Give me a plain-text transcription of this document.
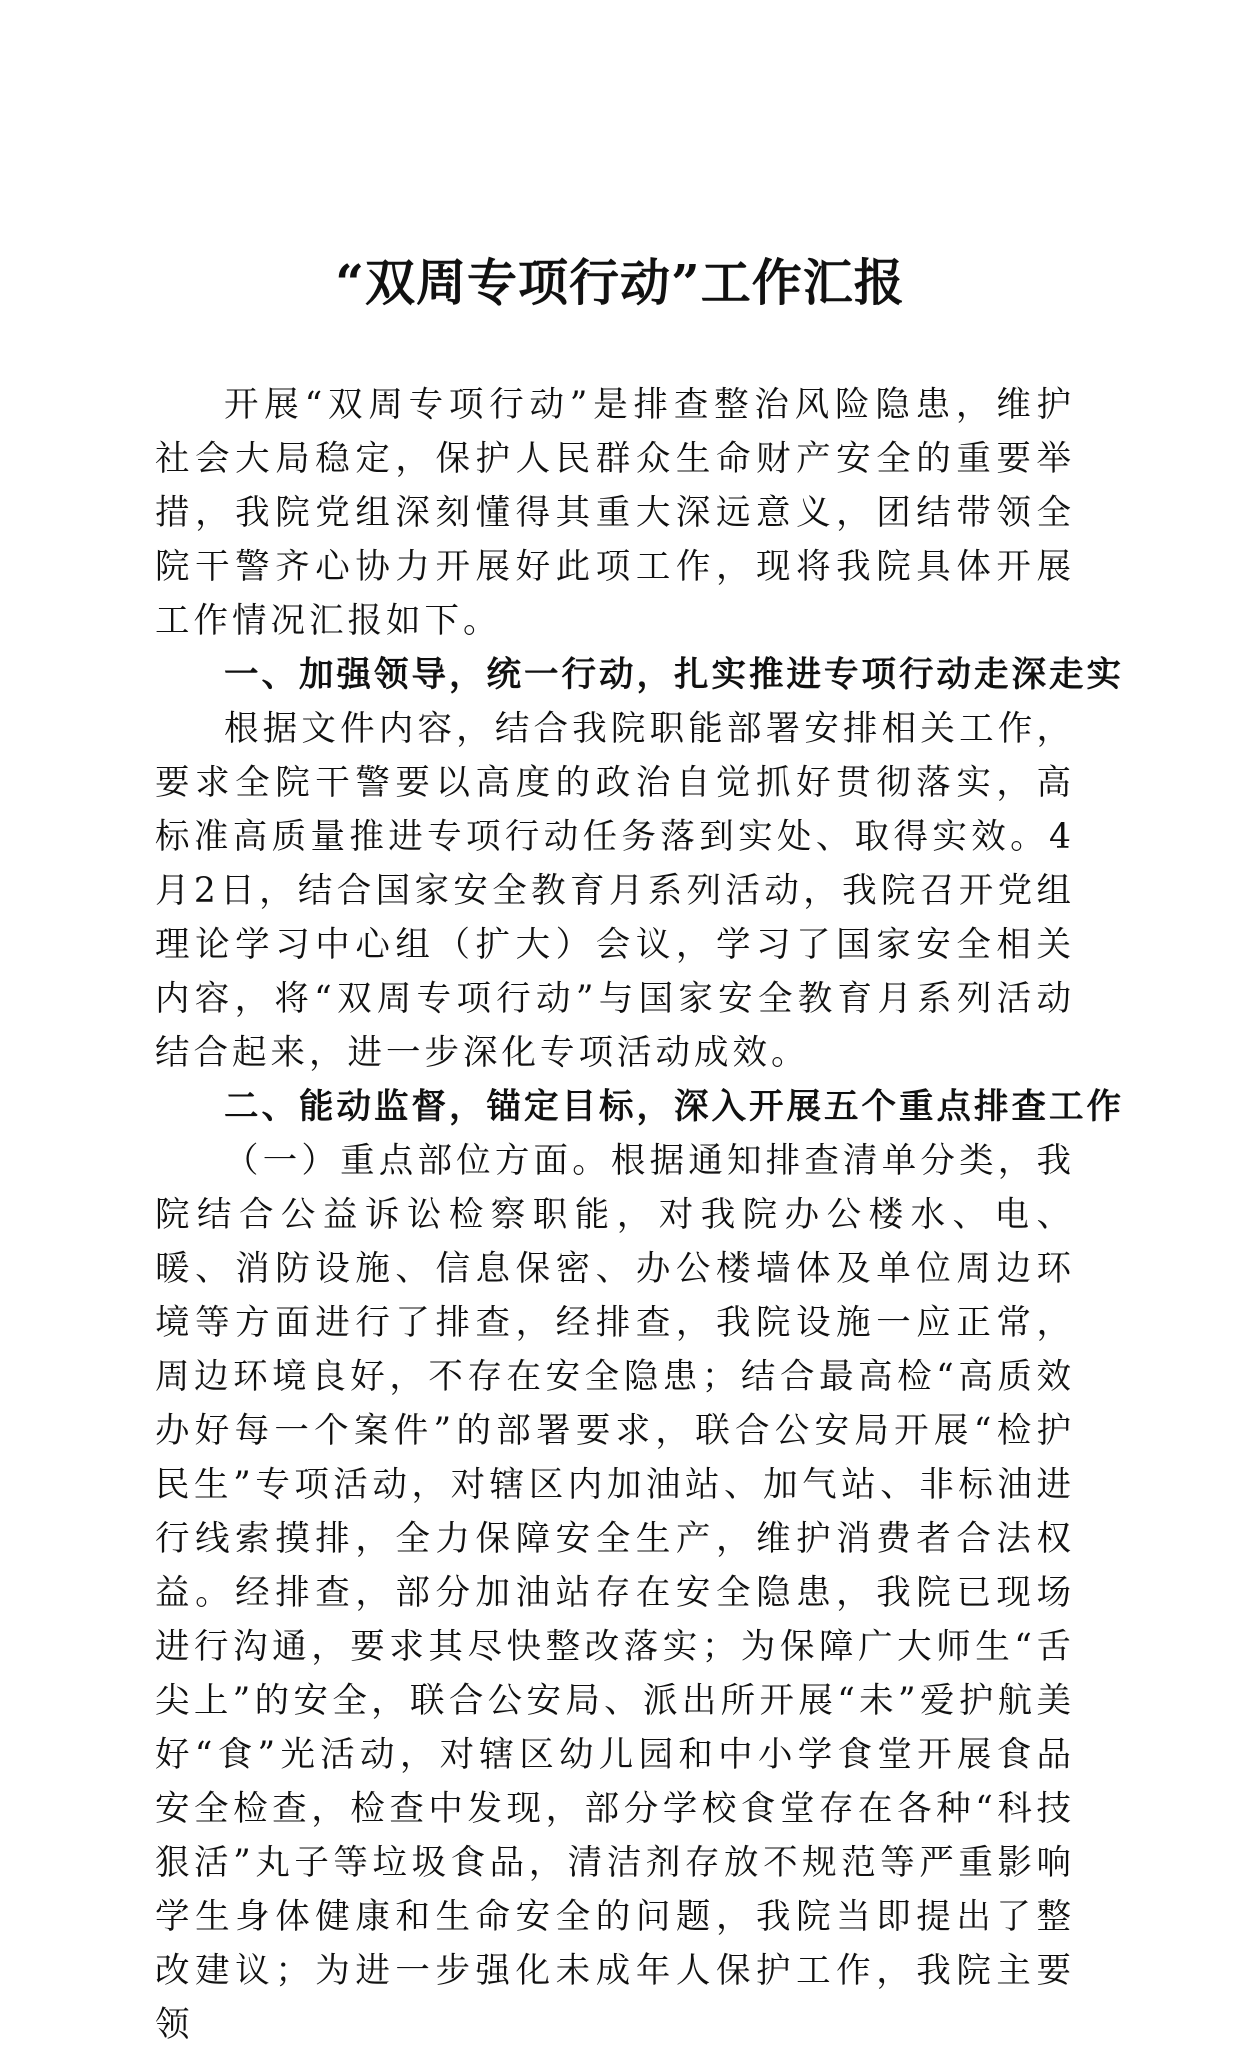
“双周专项行动”工作汇报

开展“双周专项行动”是排查整治风险隐患，维护社会大局稳定，保护人民群众生命财产安全的重要举措，我院党组深刻懂得其重大深远意义，团结带领全院干警齐心协力开展好此项工作，现将我院具体开展工作情况汇报如下。

一、加强领导，统一行动，扎实推进专项行动走深走实

根据文件内容，结合我院职能部署安排相关工作，要求全院干警要以高度的政治自觉抓好贯彻落实，高标准高质量推进专项行动任务落到实处、取得实效。4月2日，结合国家安全教育月系列活动，我院召开党组理论学习中心组（扩大）会议，学习了国家安全相关内容，将“双周专项行动”与国家安全教育月系列活动结合起来，进一步深化专项活动成效。

二、能动监督，锚定目标，深入开展五个重点排查工作

（一）重点部位方面。根据通知排查清单分类，我院结合公益诉讼检察职能，对我院办公楼水、电、暖、消防设施、信息保密、办公楼墙体及单位周边环境等方面进行了排查，经排查，我院设施一应正常，周边环境良好，不存在安全隐患；结合最高检“高质效办好每一个案件”的部署要求，联合公安局开展“检护民生”专项活动，对辖区内加油站、加气站、非标油进行线索摸排，全力保障安全生产，维护消费者合法权益。经排查，部分加油站存在安全隐患，我院已现场进行沟通，要求其尽快整改落实；为保障广大师生“舌尖上”的安全，联合公安局、派出所开展“未”爱护航美好“食”光活动，对辖区幼儿园和中小学食堂开展食品安全检查，检查中发现，部分学校食堂存在各种“科技狠活”丸子等垃圾食品，清洁剂存放不规范等严重影响学生身体健康和生命安全的问题，我院当即提出了整改建议；为进一步强化未成年人保护工作，我院主要领
